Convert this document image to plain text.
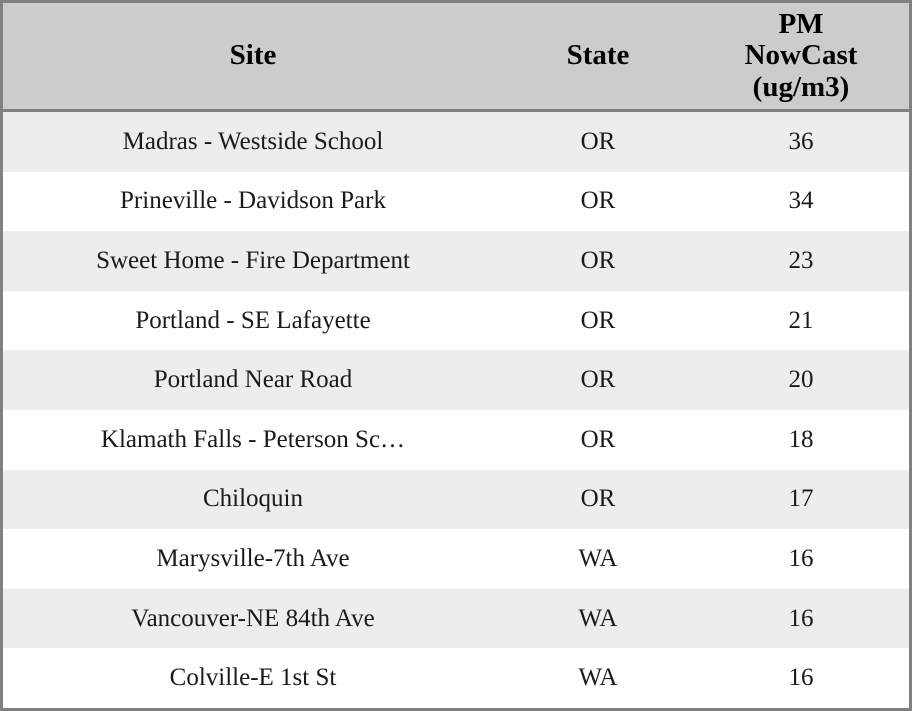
Site	State	PM
NowCast
(ug/m3)

Madras - Westside School	OR	36
Prineville - Davidson Park	OR	34
Sweet Home - Fire Department	OR	23
Portland - SE Lafayette	OR	21
Portland Near Road	OR	20
Klamath Falls - Peterson Sc…	OR	18
Chiloquin	OR	17
Marysville-7th Ave	WA	16
Vancouver-NE 84th Ave	WA	16
Colville-E 1st St	WA	16
